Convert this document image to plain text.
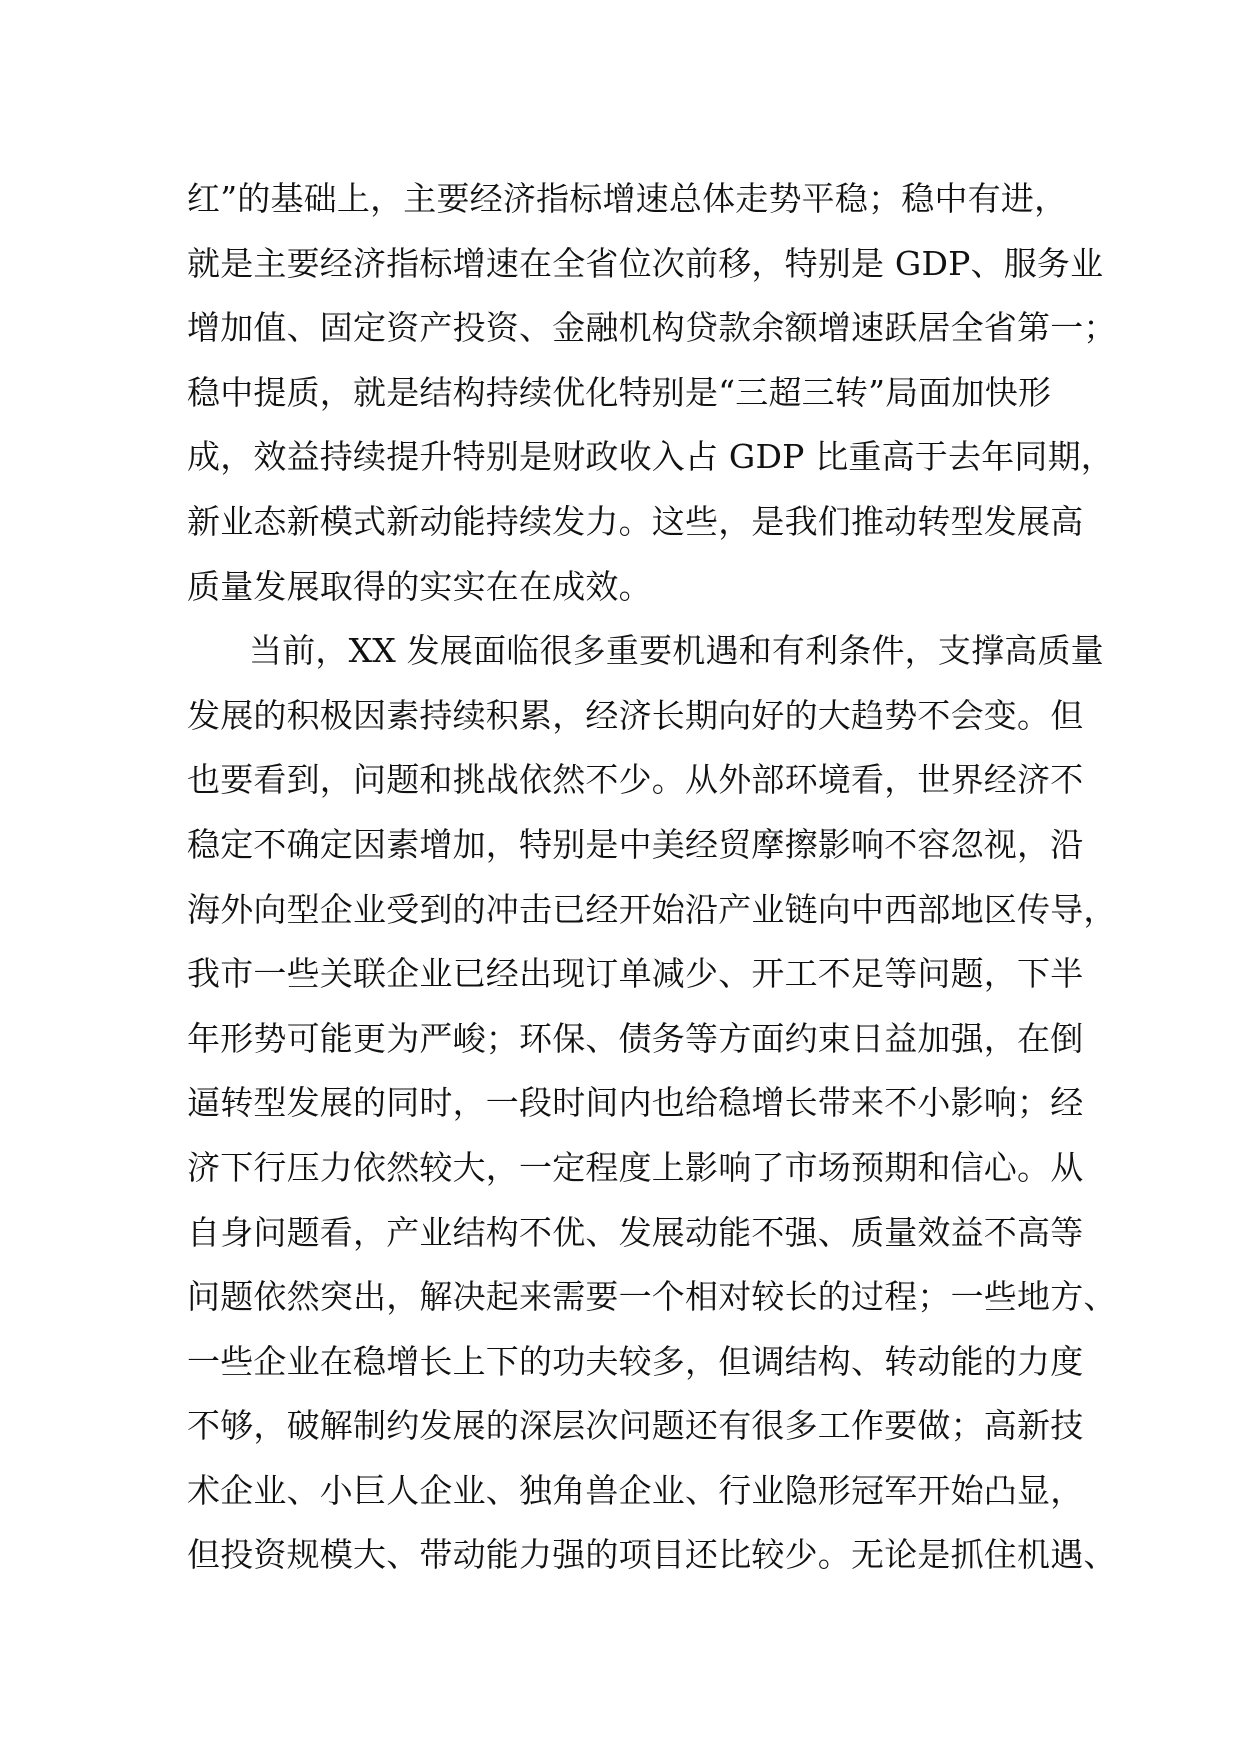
红”的基础上，主要经济指标增速总体走势平稳；稳中有进，
就是主要经济指标增速在全省位次前移，特别是 GDP、服务业
增加值、固定资产投资、金融机构贷款余额增速跃居全省第一；
稳中提质，就是结构持续优化特别是“三超三转”局面加快形
成，效益持续提升特别是财政收入占 GDP 比重高于去年同期，
新业态新模式新动能持续发力。这些，是我们推动转型发展高
质量发展取得的实实在在成效。
当前，XX 发展面临很多重要机遇和有利条件，支撑高质量
发展的积极因素持续积累，经济长期向好的大趋势不会变。但
也要看到，问题和挑战依然不少。从外部环境看，世界经济不
稳定不确定因素增加，特别是中美经贸摩擦影响不容忽视，沿
海外向型企业受到的冲击已经开始沿产业链向中西部地区传导，
我市一些关联企业已经出现订单减少、开工不足等问题，下半
年形势可能更为严峻；环保、债务等方面约束日益加强，在倒
逼转型发展的同时，一段时间内也给稳增长带来不小影响；经
济下行压力依然较大，一定程度上影响了市场预期和信心。从
自身问题看，产业结构不优、发展动能不强、质量效益不高等
问题依然突出，解决起来需要一个相对较长的过程；一些地方、
一些企业在稳增长上下的功夫较多，但调结构、转动能的力度
不够，破解制约发展的深层次问题还有很多工作要做；高新技
术企业、小巨人企业、独角兽企业、行业隐形冠军开始凸显，
但投资规模大、带动能力强的项目还比较少。无论是抓住机遇、
